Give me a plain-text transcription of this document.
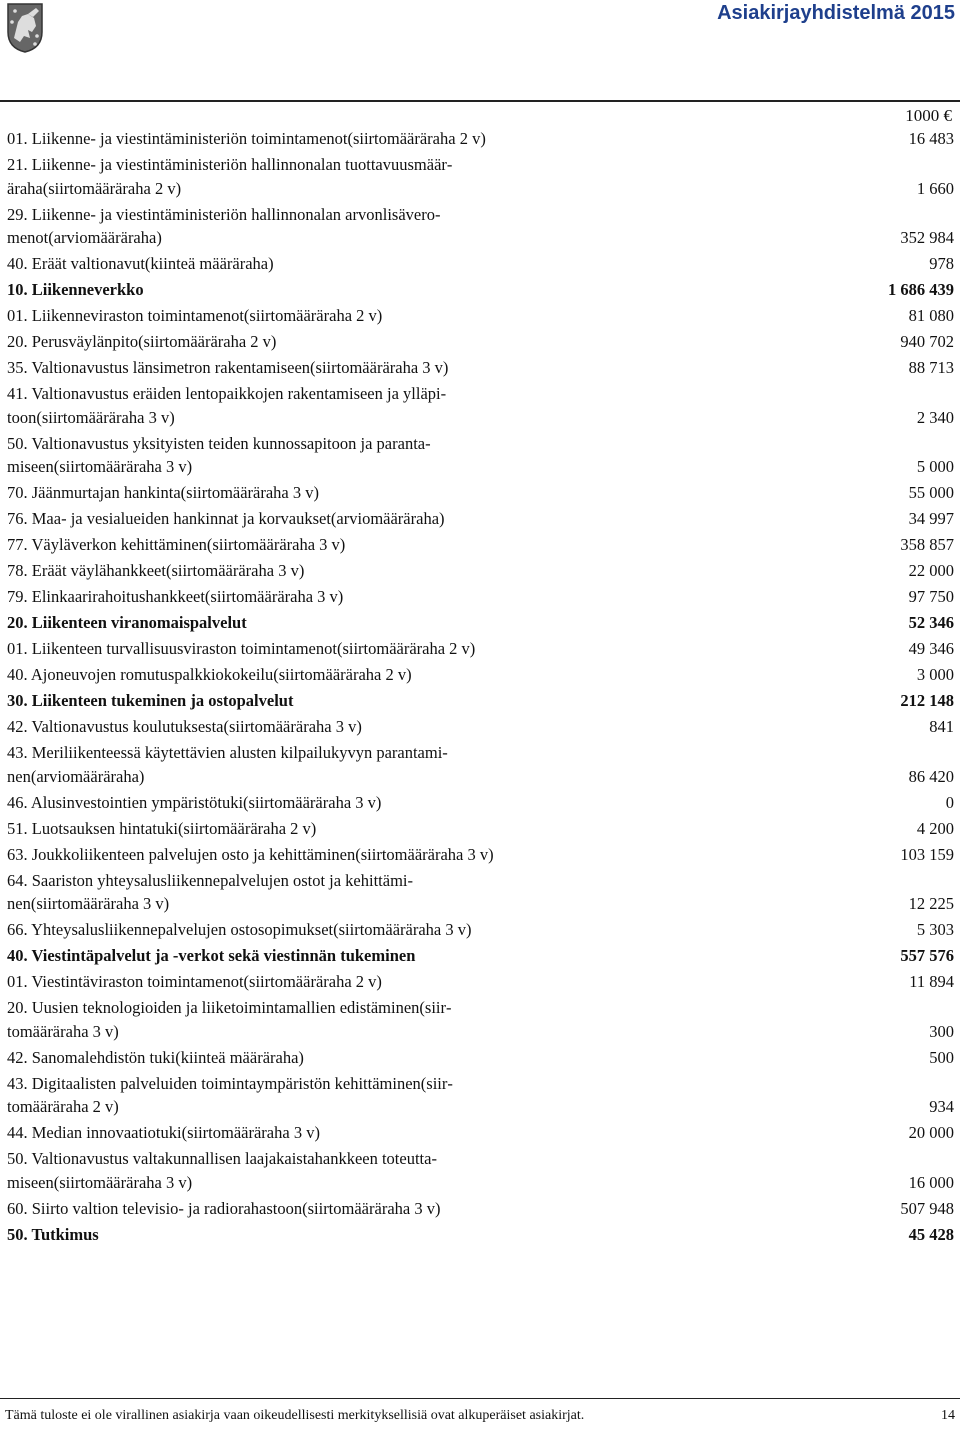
Asiakirjayhdistelmä 2015
1000 €
01. Liikenne- ja viestintäministeriön toimintamenot(siirtomääräraha 2 v)	16 483
21. Liikenne- ja viestintäministeriön hallinnonalan tuottavuusmääräraha(siirtomääräraha 2 v)	1 660
29. Liikenne- ja viestintäministeriön hallinnonalan arvonlisäveromenot(arviomääräraha)	352 984
40. Eräät valtionavut(kiinteä määräraha)	978
10. Liikenneverkko	1 686 439
01. Liikenneviraston toimintamenot(siirtomääräraha 2 v)	81 080
20. Perusväylänpito(siirtomääräraha 2 v)	940 702
35. Valtionavustus länsimetron rakentamiseen(siirtomääräraha 3 v)	88 713
41. Valtionavustus eräiden lentopaikkojen rakentamiseen ja ylläpitoon(siirtomääräraha 3 v)	2 340
50. Valtionavustus yksityisten teiden kunnossapitoon ja parantamiseen(siirtomääräraha 3 v)	5 000
70. Jäänmurtajan hankinta(siirtomääräraha 3 v)	55 000
76. Maa- ja vesialueiden hankinnat ja korvaukset(arviomääräraha)	34 997
77. Väyläverkon kehittäminen(siirtomääräraha 3 v)	358 857
78. Eräät väylähankkeet(siirtomääräraha 3 v)	22 000
79. Elinkaarirahoitushankkeet(siirtomääräraha 3 v)	97 750
20. Liikenteen viranomaispalvelut	52 346
01. Liikenteen turvallisuusviraston toimintamenot(siirtomääräraha 2 v)	49 346
40. Ajoneuvojen romutuspalkkiokokeilu(siirtomääräraha 2 v)	3 000
30. Liikenteen tukeminen ja ostopalvelut	212 148
42. Valtionavustus koulutuksesta(siirtomääräraha 3 v)	841
43. Meriliikenteessä käytettävien alusten kilpailukyvyn parantaminen(arviomääräraha)	86 420
46. Alusinvestointien ympäristötuki(siirtomääräraha 3 v)	0
51. Luotsauksen hintatuki(siirtomääräraha 2 v)	4 200
63. Joukkoliikenteen palvelujen osto ja kehittäminen(siirtomääräraha 3 v)	103 159
64. Saariston yhteysalusliikennepalvelujen ostot ja kehittäminen(siirtomääräraha 3 v)	12 225
66. Yhteysalusliikennepalvelujen ostosopimukset(siirtomääräraha 3 v)	5 303
40. Viestintäpalvelut ja -verkot sekä viestinnän tukeminen	557 576
01. Viestintäviraston toimintamenot(siirtomääräraha 2 v)	11 894
20. Uusien teknologioiden ja liiketoimintamallien edistäminen(siirtomääräraha 3 v)	300
42. Sanomalehdistön tuki(kiinteä määräraha)	500
43. Digitaalisten palveluiden toimintaympäristön kehittäminen(siirtomääräraha 2 v)	934
44. Median innovaatiotuki(siirtomääräraha 3 v)	20 000
50. Valtionavustus valtakunnallisen laajakaistahankkeen toteuttamiseen(siirtomääräraha 3 v)	16 000
60. Siirto valtion televisio- ja radiorahastoon(siirtomääräraha 3 v)	507 948
50. Tutkimus	45 428
Tämä tuloste ei ole virallinen asiakirja vaan oikeudellisesti merkityksellisiä ovat alkuperäiset asiakirjat.	14
